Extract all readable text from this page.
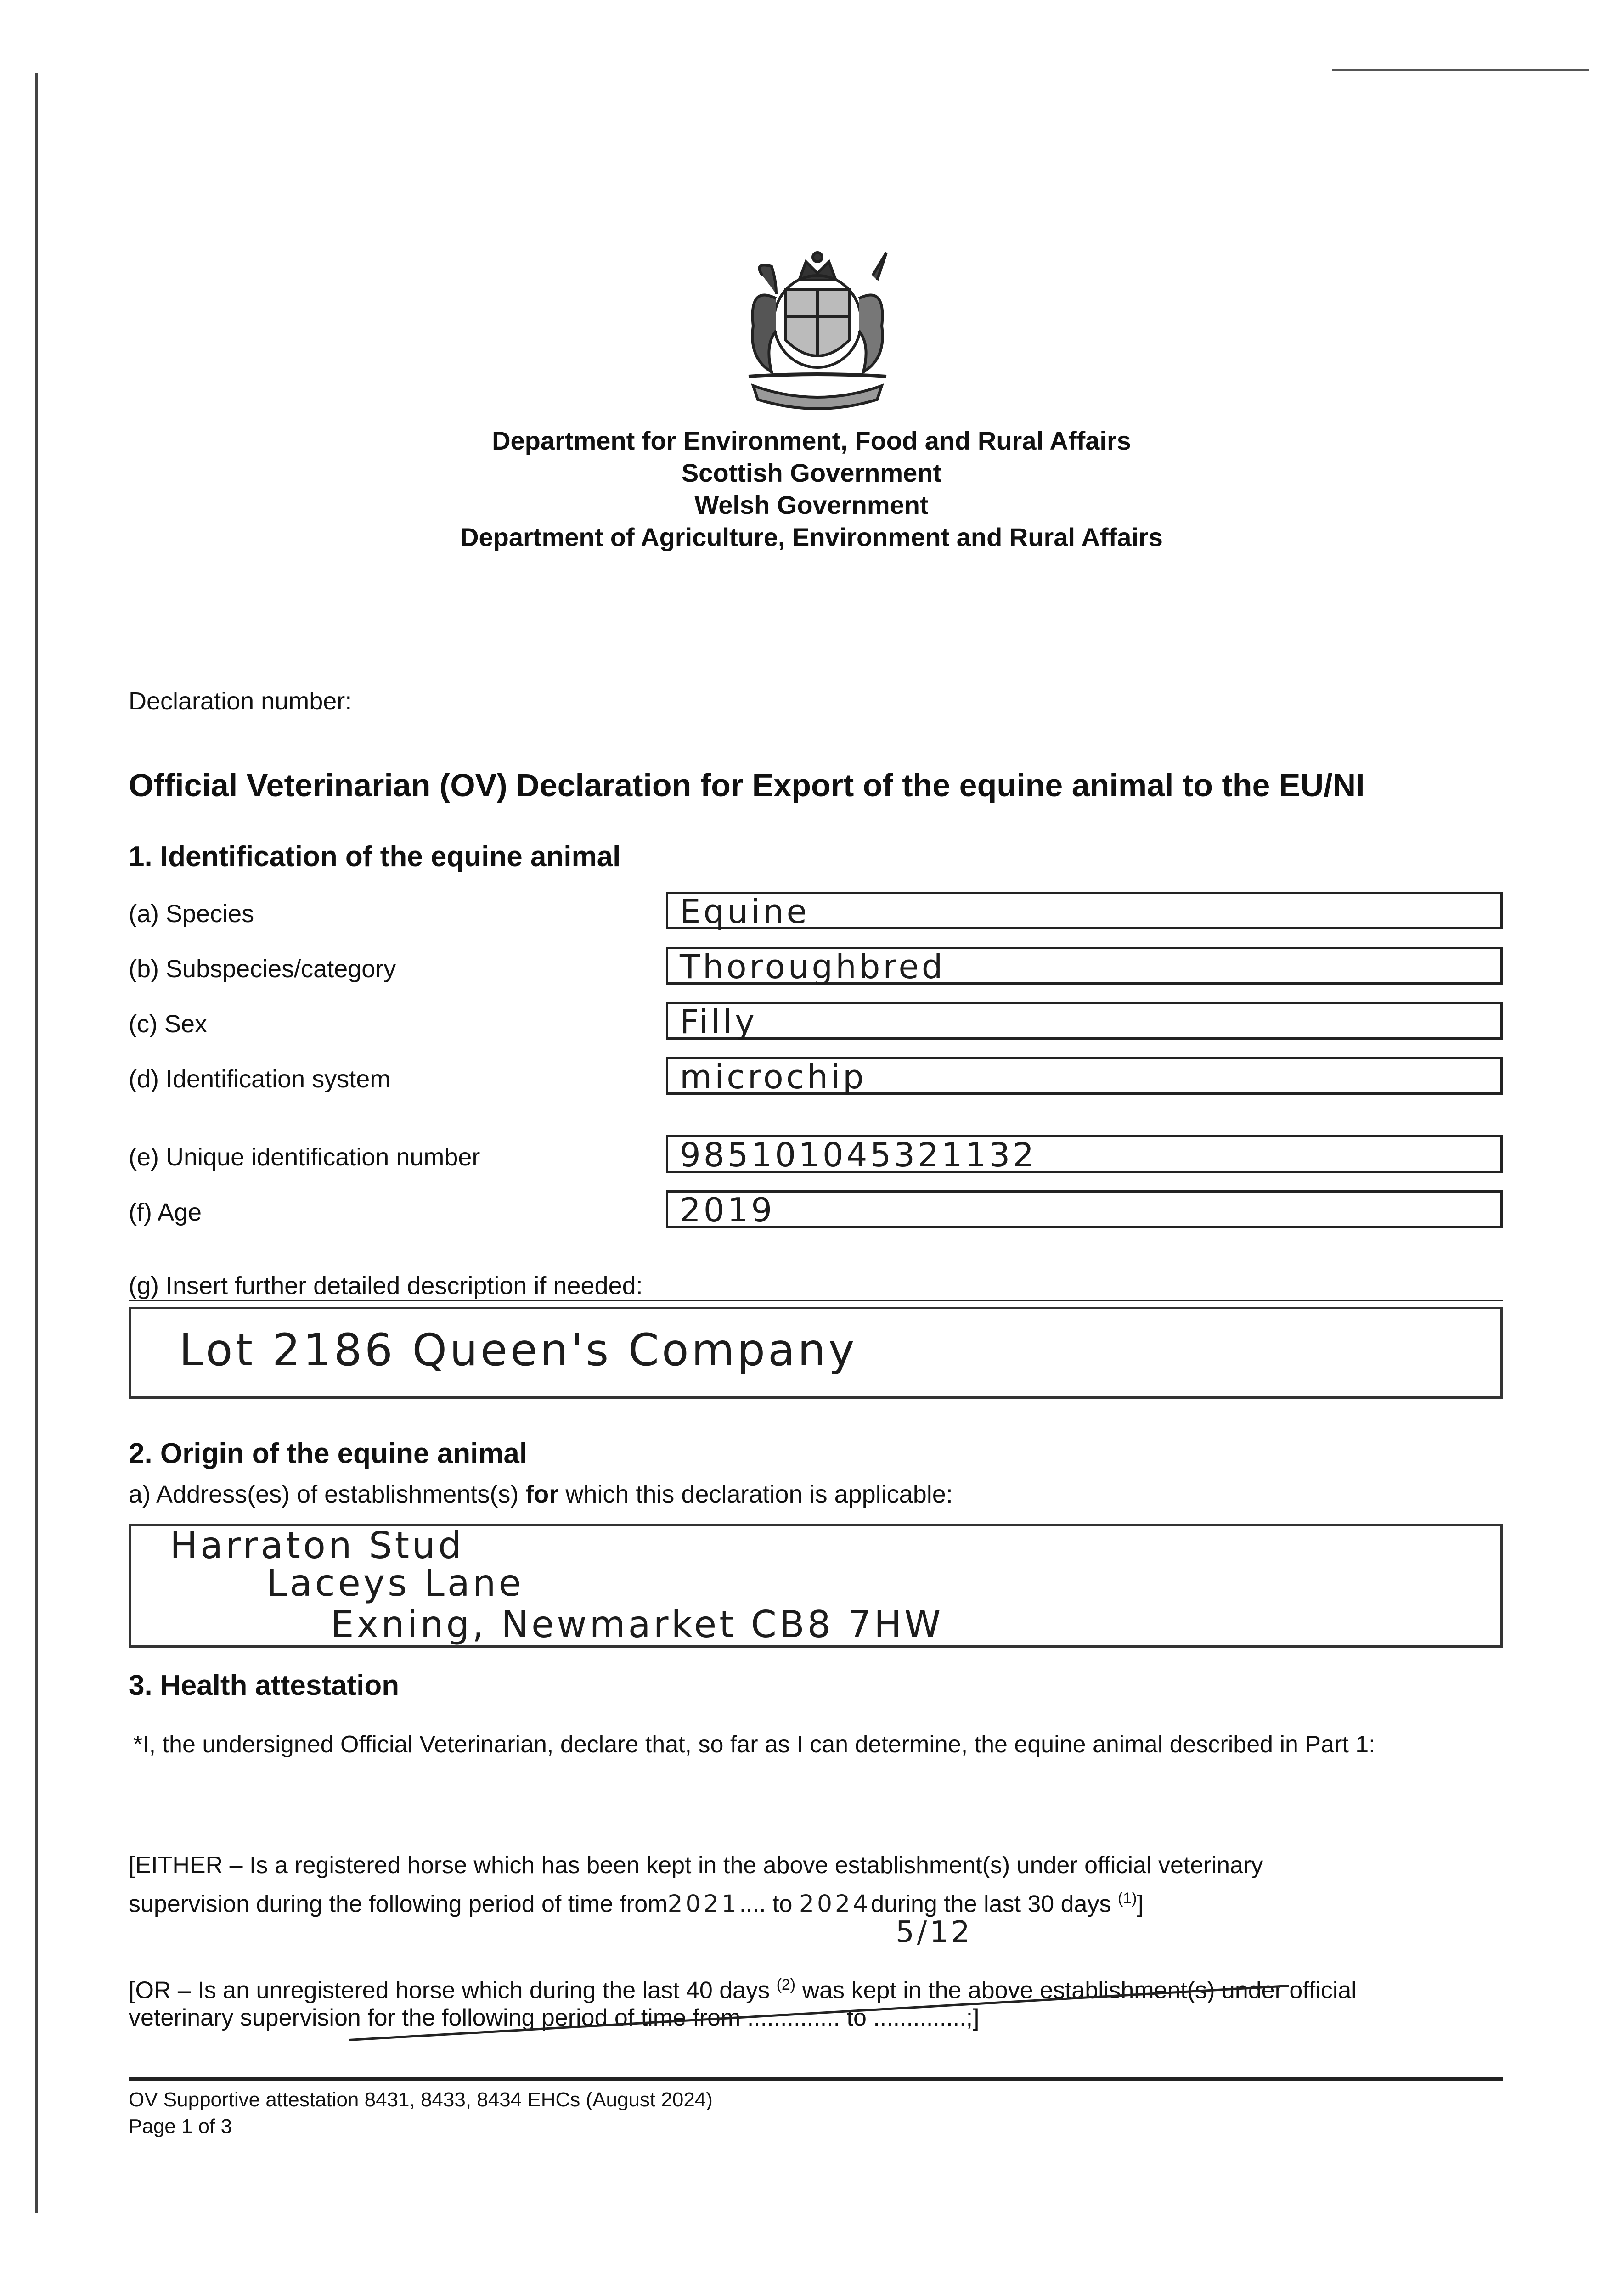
Department for Environment, Food and Rural Affairs
Scottish Government
Welsh Government
Department of Agriculture, Environment and Rural Affairs
Declaration number:
Official Veterinarian (OV) Declaration for Export of the equine animal to the EU/NI
1. Identification of the equine animal
(a) Species	Equine
(b) Subspecies/category	Thoroughbred
(c) Sex	Filly
(d) Identification system	microchip
(e) Unique identification number	985101045321132
(f) Age	2019
(g) Insert further detailed description if needed:
Lot 2186 Queen's Company
2. Origin of the equine animal
a) Address(es) of establishments(s) for which this declaration is applicable:
Harraton Stud
Laceys Lane
Exning, Newmarket CB8 7HW
3. Health attestation
*I, the undersigned Official Veterinarian, declare that, so far as I can determine, the equine animal described in Part 1:
[EITHER – Is a registered horse which has been kept in the above establishment(s) under official veterinary
supervision during the following period of time from2021.... to 2024during the last 30 days $^{(1)}$]
5/12
[OR – Is an unregistered horse which during the last 40 days $^{(2)}$ was kept in the above establishment(s) under official
veterinary supervision for the following period of time from .............. to ..............;]
OV Supportive attestation 8431, 8433, 8434 EHCs (August 2024)
Page 1 of 3
